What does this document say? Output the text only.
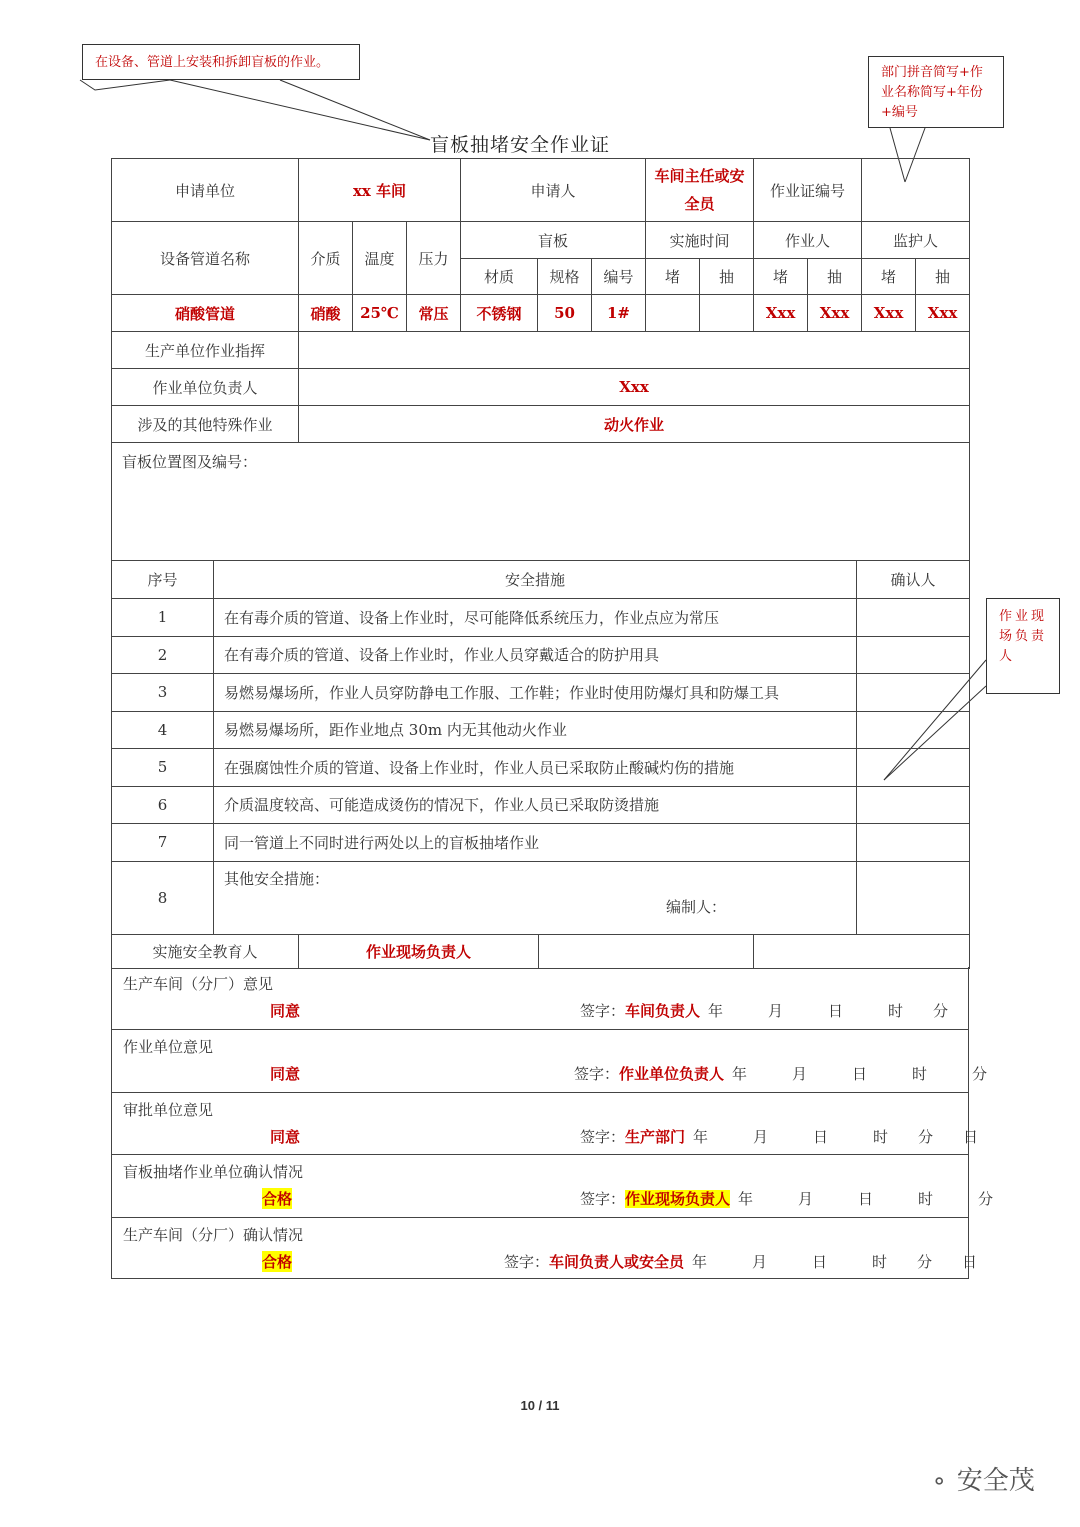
在设备、管道上安装和拆卸盲板的作业。
部门拼音简写+作业名称简写+年份+编号
作业现场负责人
盲板抽堵安全作业证
申请单位	xx 车间			申请人			车间主任或安全员		作业证编号			
设备管道名称	介质	温度	压力	盲板			实施时间		作业人		监护人	
				材质	规格	编号	堵	抽	堵	抽	堵	抽
硝酸管道	硝酸	25℃	常压	不锈钢	50	1#			Xxx	Xxx	Xxx	Xxx
生产单位作业指挥												
作业单位负责人	Xxx											
涉及的其他特殊作业	动火作业											
盲板位置图及编号：												
序号	安全措施	确认人
1	在有毒介质的管道、设备上作业时，尽可能降低系统压力，作业点应为常压	
2	在有毒介质的管道、设备上作业时，作业人员穿戴适合的防护用具	
3	易燃易爆场所，作业人员穿防静电工作服、工作鞋；作业时使用防爆灯具和防爆工具	
4	易燃易爆场所，距作业地点 30m 内无其他动火作业	
5	在强腐蚀性介质的管道、设备上作业时，作业人员已采取防止酸碱灼伤的措施	
6	介质温度较高、可能造成烫伤的情况下，作业人员已采取防烫措施	
7	同一管道上不同时进行两处以上的盲板抽堵作业	
8	其他安全措施：
编制人：	

实施安全教育人	作业现场负责人		
生产车间（分厂）意见
同意	签字：车间负责人 年　　　月　　　日　　　时　　分
作业单位意见
同意	签字：作业单位负责人 年　　　月　　　日　　　时　　　分
审批单位意见
同意	签字：生产部门 年　　　月　　　日　　　时　　分　　日
盲板抽堵作业单位确认情况
合格	签字：作业现场负责人 年　　　月　　　日　　　时　　　分
生产车间（分厂）确认情况
合格	签字：车间负责人或安全员 年　　　月　　　日　　　时　　分　　日
10 / 11
⚬ 安全茂
